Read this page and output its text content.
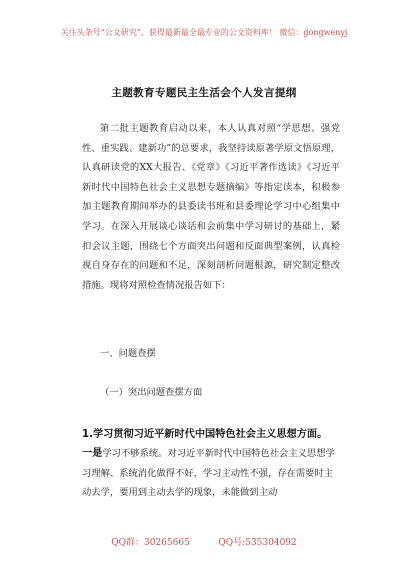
关注头条号“公文研究”，获得最新最全最专业的公文资料库！ 微信：gongwenyj
主题教育专题民主生活会个人发言提纲
第二批主题教育启动以来，本人认真对照“学思想、强党性、重实践、建新功”的总要求，我坚持读原著学原文悟原理，认真研读党的XX大报告、《党章》《习近平著作选读》《习近平新时代中国特色社会主义思想专题摘编》等指定读本，积极参加主题教育期间举办的县委读书班和县委理论学习中心组集中学习。在深入开展谈心谈话和会前集中学习研讨的基础上，紧扣会议主题，围绕七个方面突出问题和反面典型案例，认真检视自身存在的问题和不足，深刻剖析问题根源，研究制定整改措施。现将对照检查情况报告如下：
一、问题查摆
（一）突出问题查摆方面
1.学习贯彻习近平新时代中国特色社会主义思想方面。
一是学习不够系统。对习近平新时代中国特色社会主义思想学习理解、系统消化做得不好，学习主动性不强，存在需要时主动去学，要用到主动去学的现象，未能做到主动
QQ群：30265665          QQ号:535304092
